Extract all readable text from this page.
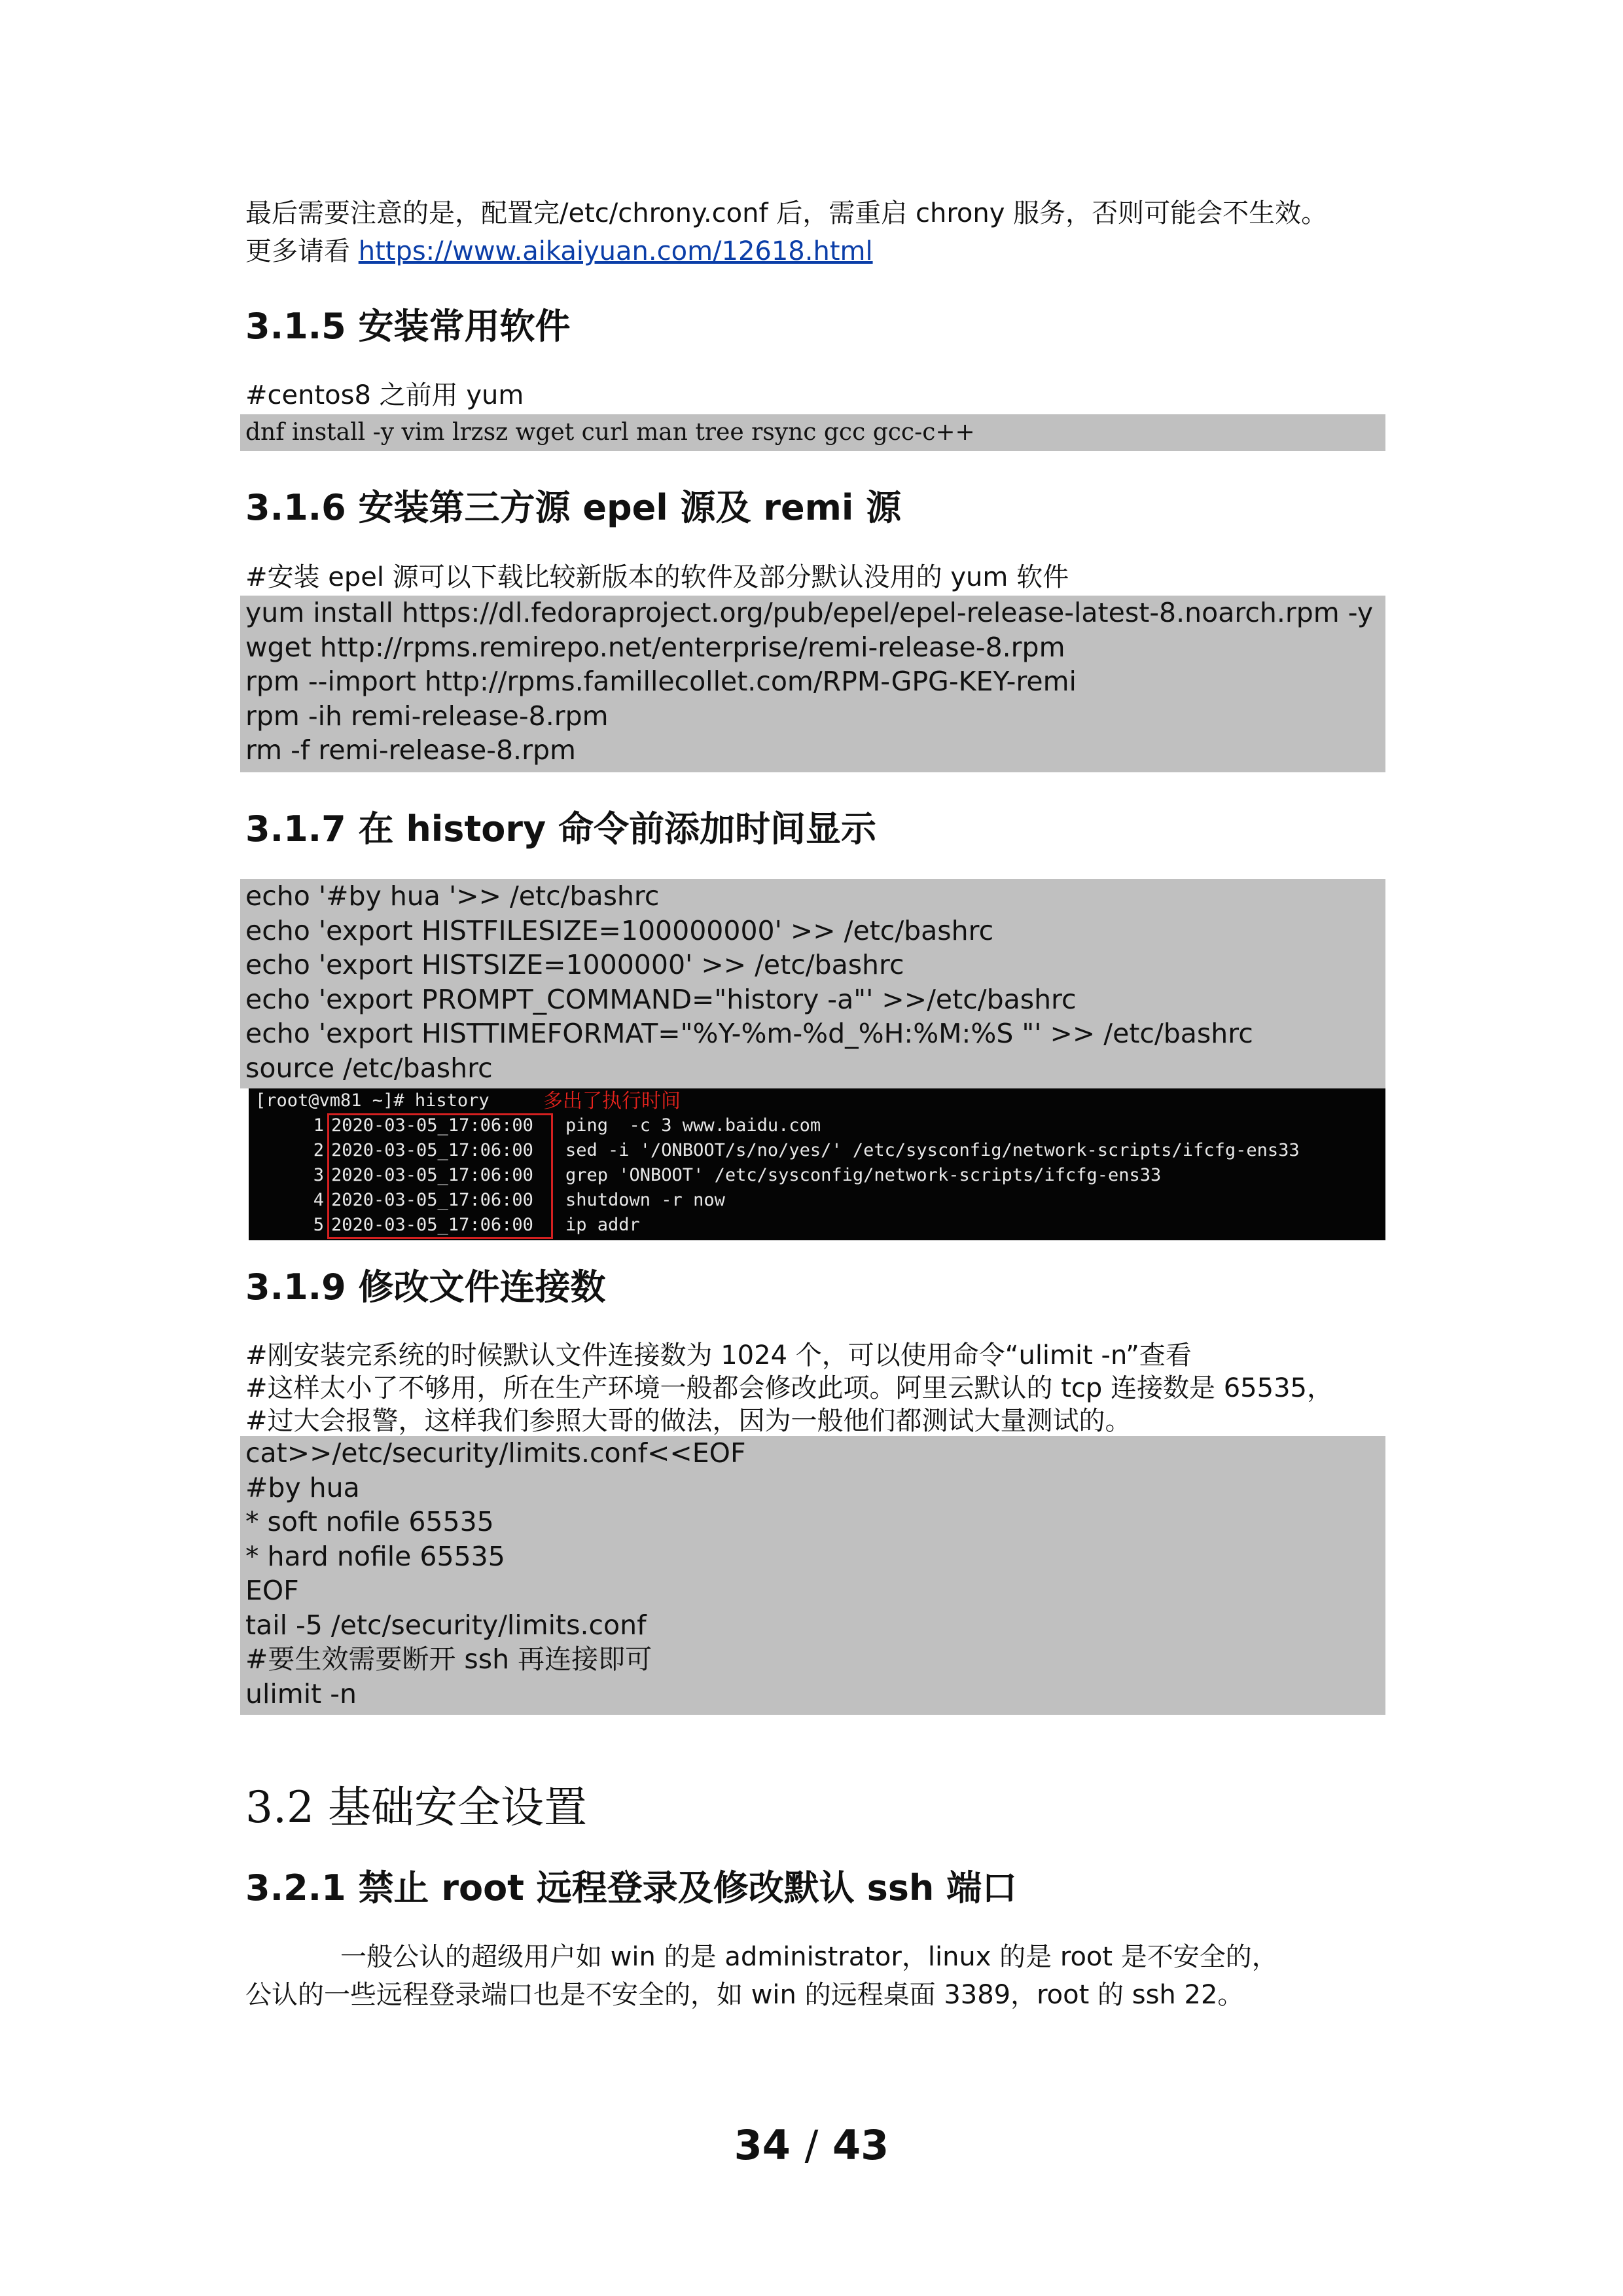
最后需要注意的是，配置完/etc/chrony.conf 后，需重启 chrony 服务，否则可能会不生效。

更多请看 https://www.aikaiyuan.com/12618.html

3.1.5 安装常用软件

#centos8 之前用 yum

dnf install -y vim lrzsz wget curl man tree rsync gcc gcc-c++
3.1.6 安装第三方源 epel 源及 remi 源

#安装 epel 源可以下载比较新版本的软件及部分默认没用的 yum 软件

yum install https://dl.fedoraproject.org/pub/epel/epel-release-latest-8.noarch.rpm -y
wget http://rpms.remirepo.net/enterprise/remi-release-8.rpm
rpm --import http://rpms.famillecollet.com/RPM-GPG-KEY-remi
rpm -ih remi-release-8.rpm
rm -f remi-release-8.rpm
3.1.7 在 history 命令前添加时间显示
echo '#by hua '>> /etc/bashrc
echo 'export HISTFILESIZE=100000000' >> /etc/bashrc
echo 'export HISTSIZE=1000000' >> /etc/bashrc
echo 'export PROMPT_COMMAND="history -a"' >>/etc/bashrc
echo 'export HISTTIMEFORMAT="%Y-%m-%d_%H:%M:%S "' >> /etc/bashrc
source /etc/bashrc
[root@vm81 ~]# history	多出了执行时间
1 2020-03-05_17:06:00 ping  -c 3 www.baidu.com
2 2020-03-05_17:06:00 sed -i '/ONBOOT/s/no/yes/' /etc/sysconfig/network-scripts/ifcfg-ens33
3 2020-03-05_17:06:00 grep 'ONBOOT' /etc/sysconfig/network-scripts/ifcfg-ens33
4 2020-03-05_17:06:00 shutdown -r now
5 2020-03-05_17:06:00 ip addr
3.1.9 修改文件连接数

#刚安装完系统的时候默认文件连接数为 1024 个，可以使用命令“ulimit -n”查看

#这样太小了不够用，所在生产环境一般都会修改此项。阿里云默认的 tcp 连接数是 65535，

#过大会报警，这样我们参照大哥的做法，因为一般他们都测试大量测试的。

cat>>/etc/security/limits.conf<<EOF
#by hua
* soft nofile 65535
* hard nofile 65535
EOF
tail -5 /etc/security/limits.conf
#要生效需要断开 ssh 再连接即可
ulimit -n
3.2 基础安全设置
3.2.1 禁止 root 远程登录及修改默认 ssh 端口

一般公认的超级用户如 win 的是 administrator，linux 的是 root 是不安全的，

公认的一些远程登录端口也是不安全的，如 win 的远程桌面 3389，root 的 ssh 22。

34 / 43
